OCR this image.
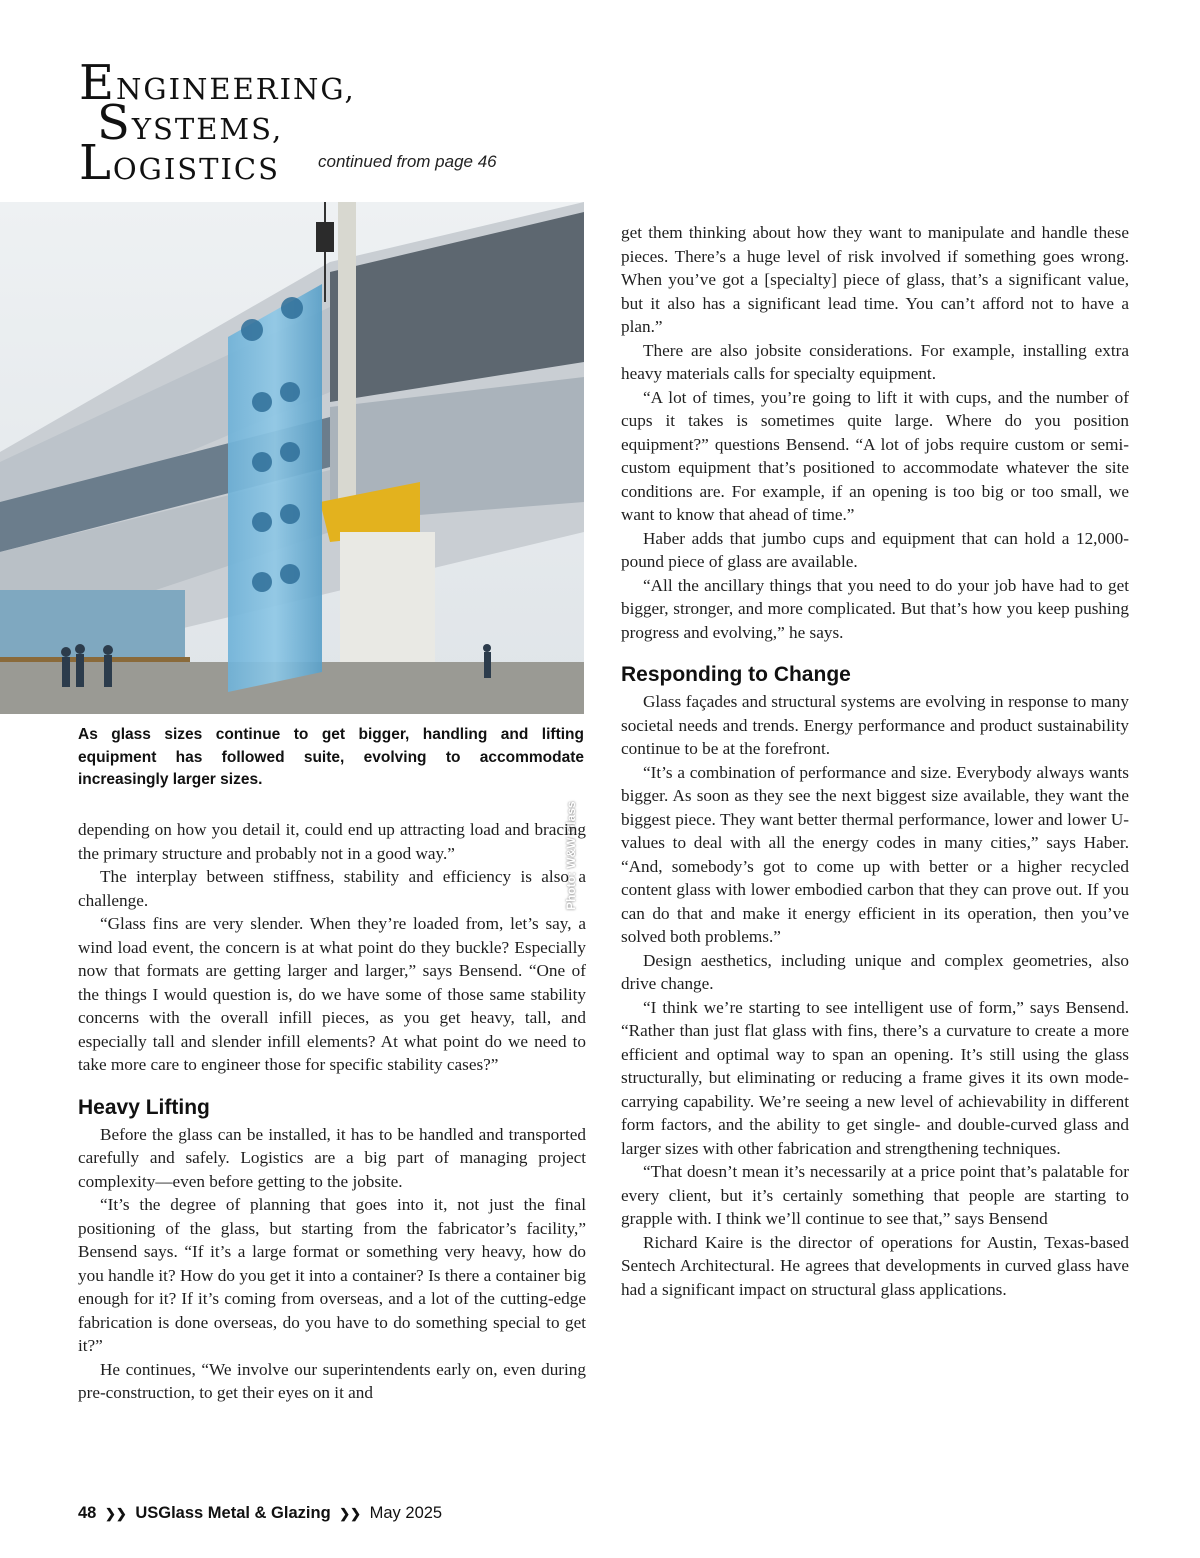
ENGINEERING,
SYSTEMS,
LOGISTICS	continued from page 46
Photo: W&W Glass
As glass sizes continue to get bigger, handling and lifting equipment has followed suite, evolving to accommodate increasingly larger sizes.

depending on how you detail it, could end up attracting load and bracing the primary structure and probably not in a good way.”

The interplay between stiffness, stability and efficiency is also a challenge.

“Glass fins are very slender. When they’re loaded from, let’s say, a wind load event, the concern is at what point do they buckle? Especially now that formats are getting larger and larger,” says Bensend. “One of the things I would question is, do we have some of those same stability concerns with the overall infill pieces, as you get heavy, tall, and especially tall and slender infill elements? At what point do we need to take more care to engineer those for specific stability cases?”

Heavy Lifting

Before the glass can be installed, it has to be handled and transported carefully and safely. Logistics are a big part of managing project complexity—even before getting to the jobsite.

“It’s the degree of planning that goes into it, not just the final positioning of the glass, but starting from the fabricator’s facility,” Bensend says. “If it’s a large format or something very heavy, how do you handle it? How do you get it into a container? Is there a container big enough for it? If it’s coming from overseas, and a lot of the cutting-edge fabrication is done overseas, do you have to do something special to get it?”

He continues, “We involve our superintendents early on, even during pre-construction, to get their eyes on it and

get them thinking about how they want to manipulate and handle these pieces. There’s a huge level of risk involved if something goes wrong. When you’ve got a [specialty] piece of glass, that’s a significant value, but it also has a significant lead time. You can’t afford not to have a plan.”

There are also jobsite considerations. For example, installing extra heavy materials calls for specialty equipment.

“A lot of times, you’re going to lift it with cups, and the number of cups it takes is sometimes quite large. Where do you position equipment?” questions Bensend. “A lot of jobs require custom or semi-custom equipment that’s positioned to accommodate whatever the site conditions are. For example, if an opening is too big or too small, we want to know that ahead of time.”

Haber adds that jumbo cups and equipment that can hold a 12,000-pound piece of glass are available.

“All the ancillary things that you need to do your job have had to get bigger, stronger, and more complicated. But that’s how you keep pushing progress and evolving,” he says.

Responding to Change

Glass façades and structural systems are evolving in response to many societal needs and trends. Energy performance and product sustainability continue to be at the forefront.

“It’s a combination of performance and size. Everybody always wants bigger. As soon as they see the next biggest size available, they want the biggest piece. They want better thermal performance, lower and lower U-values to deal with all the energy codes in many cities,” says Haber. “And, somebody’s got to come up with better or a higher recycled content glass with lower embodied carbon that they can prove out. If you can do that and make it energy efficient in its operation, then you’ve solved both problems.”

Design aesthetics, including unique and complex geometries, also drive change.

“I think we’re starting to see intelligent use of form,” says Bensend. “Rather than just flat glass with fins, there’s a curvature to create a more efficient and optimal way to span an opening. It’s still using the glass structurally, but eliminating or reducing a frame gives it its own mode-carrying capability. We’re seeing a new level of achievability in different form factors, and the ability to get single- and double-curved glass and larger sizes with other fabrication and strengthening techniques.

“That doesn’t mean it’s necessarily at a price point that’s palatable for every client, but it’s certainly something that people are starting to grapple with. I think we’ll continue to see that,” says Bensend

Richard Kaire is the director of operations for Austin, Texas-based Sentech Architectural. He agrees that developments in curved glass have had a significant impact on structural glass applications.

48 ❯❯ USGlass Metal & Glazing ❯❯ May 2025
